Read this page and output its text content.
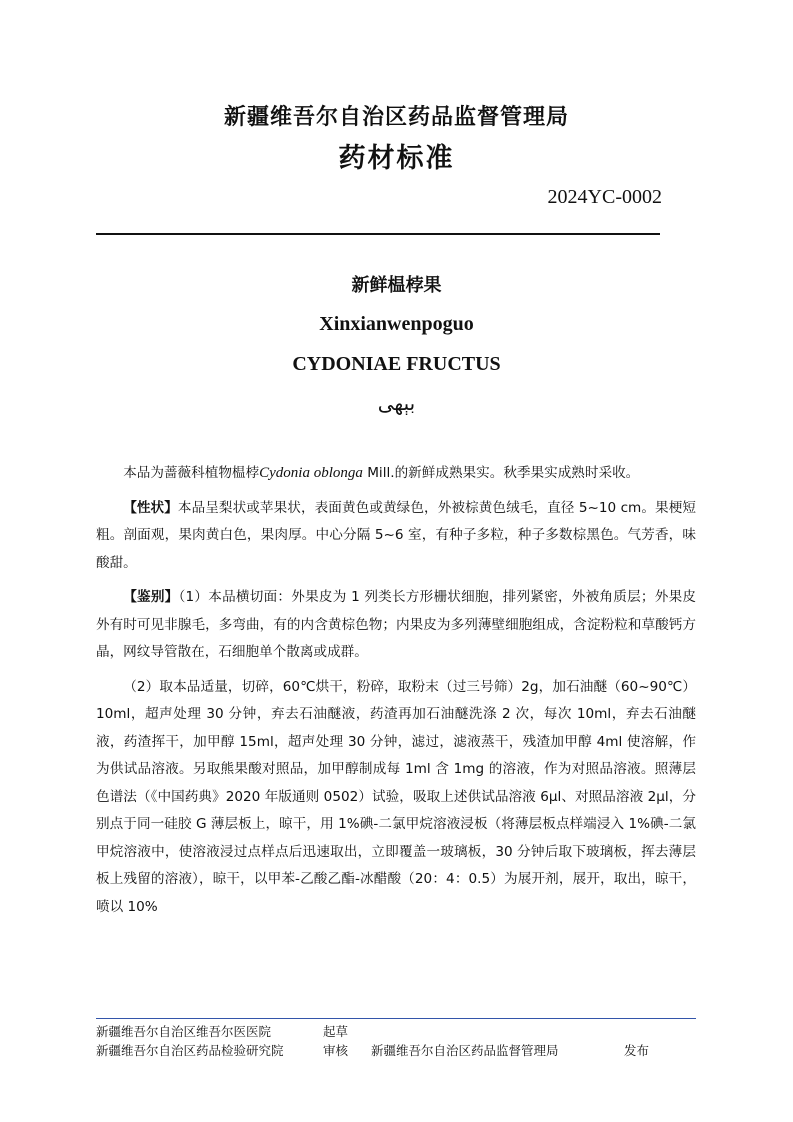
新疆维吾尔自治区药品监督管理局
药材标准
2024YC-0002
新鲜榅桲果
Xinxianwenpoguo
CYDONIAE FRUCTUS
بېھى

本品为蔷薇科植物榅桲Cydonia oblonga Mill.的新鲜成熟果实。秋季果实成熟时采收。

【性状】本品呈梨状或苹果状，表面黄色或黄绿色，外被棕黄色绒毛，直径 5~10 cm。果梗短粗。剖面观，果肉黄白色，果肉厚。中心分隔 5~6 室，有种子多粒，种子多数棕黑色。气芳香，味酸甜。

【鉴别】（1）本品横切面：外果皮为 1 列类长方形栅状细胞，排列紧密，外被角质层；外果皮外有时可见非腺毛，多弯曲，有的内含黄棕色物；内果皮为多列薄壁细胞组成，含淀粉粒和草酸钙方晶，网纹导管散在，石细胞单个散离或成群。

（2）取本品适量，切碎，60℃烘干，粉碎，取粉末（过三号筛）2g，加石油醚（60~90℃）10ml，超声处理 30 分钟，弃去石油醚液，药渣再加石油醚洗涤 2 次，每次 10ml，弃去石油醚液，药渣挥干，加甲醇 15ml，超声处理 30 分钟，滤过，滤液蒸干，残渣加甲醇 4ml 使溶解，作为供试品溶液。另取熊果酸对照品，加甲醇制成每 1ml 含 1mg 的溶液，作为对照品溶液。照薄层色谱法（《中国药典》2020 年版通则 0502）试验，吸取上述供试品溶液 6μl、对照品溶液 2μl，分别点于同一硅胶 G 薄层板上，晾干，用 1%碘-二氯甲烷溶液浸板（将薄层板点样端浸入 1%碘-二氯甲烷溶液中，使溶液浸过点样点后迅速取出，立即覆盖一玻璃板，30 分钟后取下玻璃板，挥去薄层板上残留的溶液），晾干，以甲苯-乙酸乙酯-冰醋酸（20：4：0.5）为展开剂，展开，取出，晾干，喷以 10%

新疆维吾尔自治区维吾尔医医院	起草
新疆维吾尔自治区药品检验研究院	审核 新疆维吾尔自治区药品监督管理局	发布
